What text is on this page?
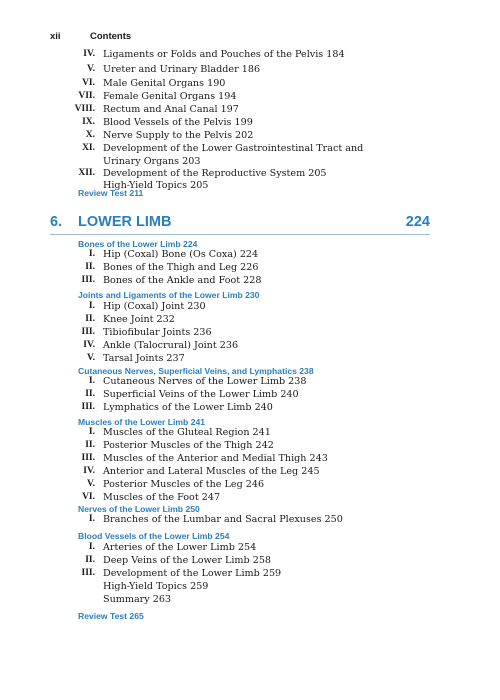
xii	Contents
IV. Ligaments or Folds and Pouches of the Pelvis 184
V. Ureter and Urinary Bladder 186
VI. Male Genital Organs 190
VII. Female Genital Organs 194
VIII. Rectum and Anal Canal 197
IX. Blood Vessels of the Pelvis 199
X. Nerve Supply to the Pelvis 202
XI. Development of the Lower Gastrointestinal Tract and
Urinary Organs 203
XII. Development of the Reproductive System 205
High-Yield Topics 205
Review Test 211
6. LOWER LIMB	224
Bones of the Lower Limb 224
I. Hip (Coxal) Bone (Os Coxa) 224
II. Bones of the Thigh and Leg 226
III. Bones of the Ankle and Foot 228
Joints and Ligaments of the Lower Limb 230
I. Hip (Coxal) Joint 230
II. Knee Joint 232
III. Tibiofibular Joints 236
IV. Ankle (Talocrural) Joint 236
V. Tarsal Joints 237
Cutaneous Nerves, Superficial Veins, and Lymphatics 238
I. Cutaneous Nerves of the Lower Limb 238
II. Superficial Veins of the Lower Limb 240
III. Lymphatics of the Lower Limb 240
Muscles of the Lower Limb 241
I. Muscles of the Gluteal Region 241
II. Posterior Muscles of the Thigh 242
III. Muscles of the Anterior and Medial Thigh 243
IV. Anterior and Lateral Muscles of the Leg 245
V. Posterior Muscles of the Leg 246
VI. Muscles of the Foot 247
Nerves of the Lower Limb 250
I. Branches of the Lumbar and Sacral Plexuses 250
Blood Vessels of the Lower Limb 254
I. Arteries of the Lower Limb 254
II. Deep Veins of the Lower Limb 258
III. Development of the Lower Limb 259
High-Yield Topics 259
Summary 263
Review Test 265
